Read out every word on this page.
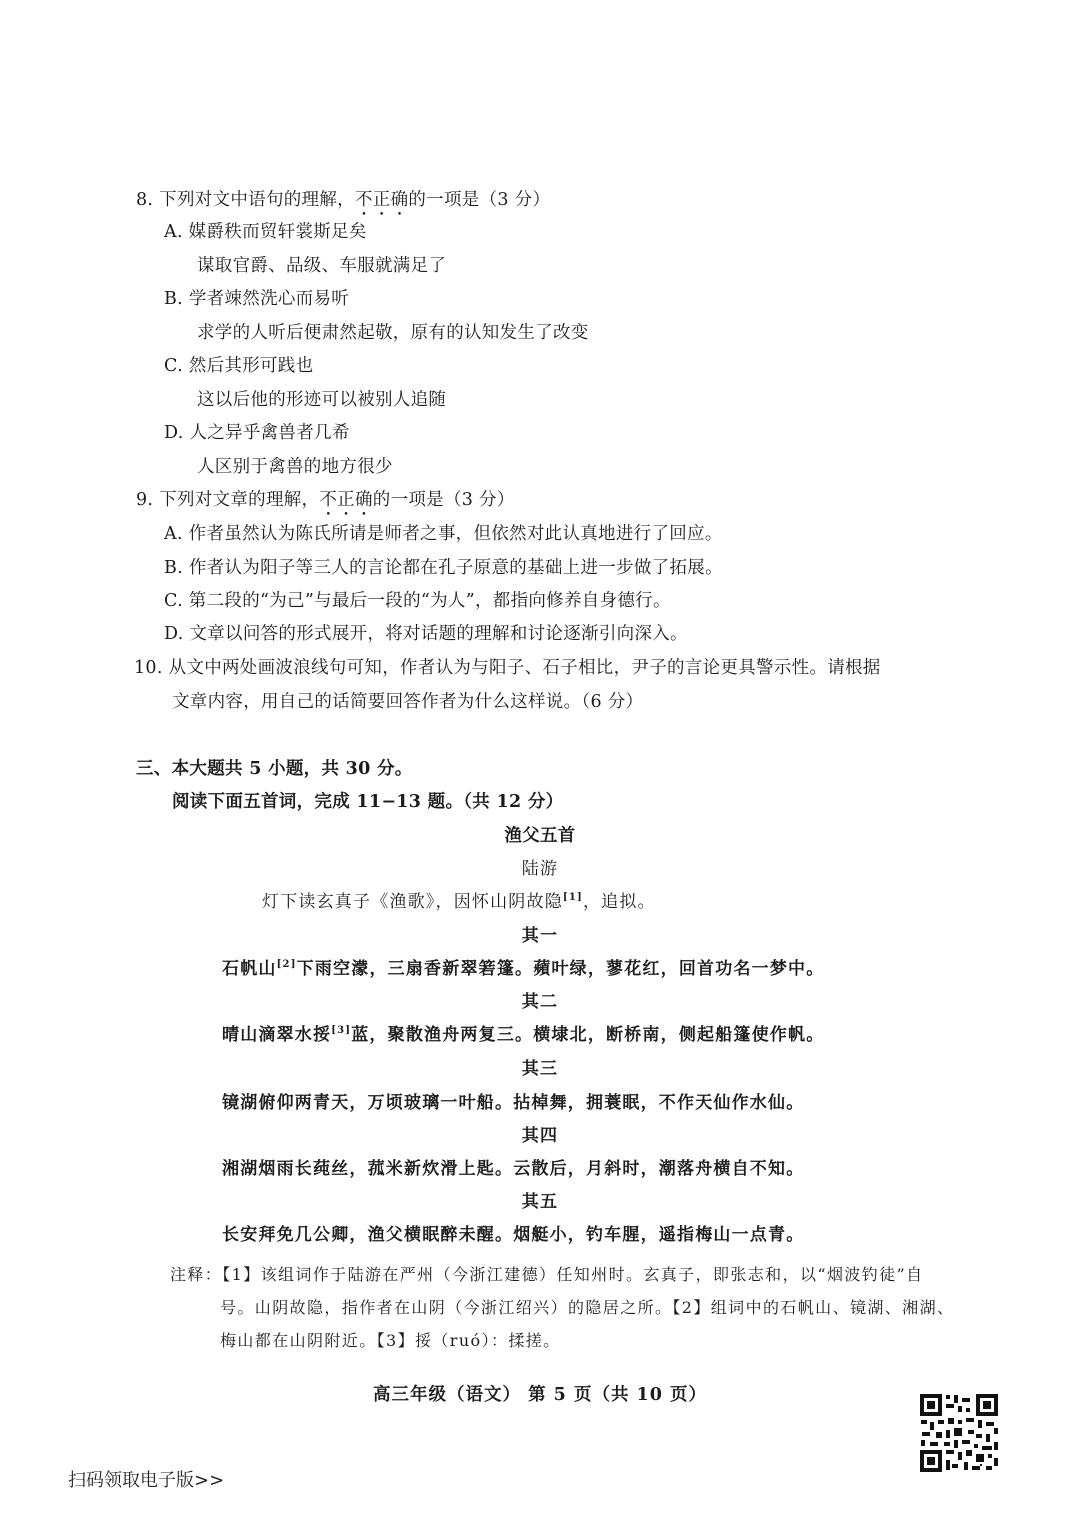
8. 下列对文中语句的理解，不正确的一项是（3 分）
A. 媒爵秩而贸轩裳斯足矣
谋取官爵、品级、车服就满足了
B. 学者竦然洗心而易听
求学的人听后便肃然起敬，原有的认知发生了改变
C. 然后其形可践也
这以后他的形迹可以被别人追随
D. 人之异乎禽兽者几希
人区别于禽兽的地方很少
9. 下列对文章的理解，不正确的一项是（3 分）
A. 作者虽然认为陈氏所请是师者之事，但依然对此认真地进行了回应。
B. 作者认为阳子等三人的言论都在孔子原意的基础上进一步做了拓展。
C. 第二段的“为己”与最后一段的“为人”，都指向修养自身德行。
D. 文章以问答的形式展开，将对话题的理解和讨论逐渐引向深入。
10. 从文中两处画波浪线句可知，作者认为与阳子、石子相比，尹子的言论更具警示性。请根据
文章内容，用自己的话简要回答作者为什么这样说。（6 分）
三、本大题共 5 小题，共 30 分。
阅读下面五首词，完成 11−13 题。（共 12 分）
渔父五首
陆游
灯下读玄真子《渔歌》，因怀山阴故隐[1]，追拟。
其一
石帆山[2]下雨空濛，三扇香新翠箬篷。蘋叶绿，蓼花红，回首功名一梦中。
其二
晴山滴翠水挼[3]蓝，聚散渔舟两复三。横埭北，断桥南，侧起船篷使作帆。
其三
镜湖俯仰两青天，万顷玻璃一叶船。拈棹舞，拥蓑眠，不作天仙作水仙。
其四
湘湖烟雨长莼丝，菰米新炊滑上匙。云散后，月斜时，潮落舟横自不知。
其五
长安拜免几公卿，渔父横眠醉未醒。烟艇小，钓车腥，遥指梅山一点青。
注释：【1】该组词作于陆游在严州（今浙江建德）任知州时。玄真子，即张志和，以“烟波钓徒”自
号。山阴故隐，指作者在山阴（今浙江绍兴）的隐居之所。【2】组词中的石帆山、镜湖、湘湖、
梅山都在山阴附近。【3】挼（ruó）：揉搓。
高三年级（语文） 第 5 页（共 10 页）
扫码领取电子版>>
